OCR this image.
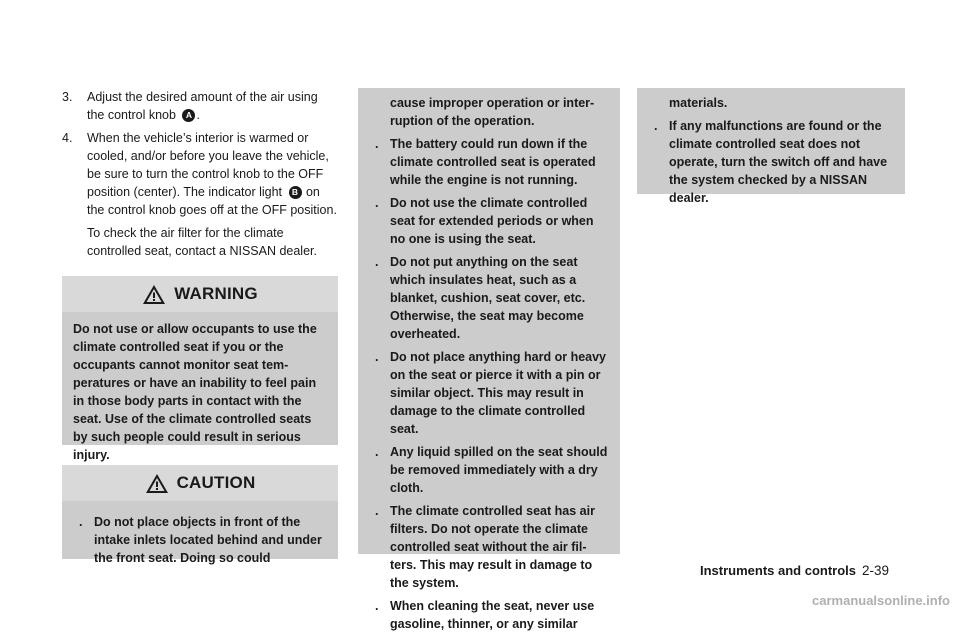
3. Adjust the desired amount of the air using the control knob A .
4. When the vehicle’s interior is warmed or cooled, and/or before you leave the vehicle, be sure to turn the control knob to the OFF position (center). The indicator light B on the control knob goes off at the OFF position.
To check the air filter for the climate controlled seat, contact a NISSAN dealer.
WARNING
Do not use or allow occupants to use the climate controlled seat if you or the occupants cannot monitor seat tem-peratures or have an inability to feel pain in those body parts in contact with the seat. Use of the climate controlled seats by such people could result in serious injury.
CAUTION
. Do not place objects in front of the intake inlets located behind and under the front seat. Doing so could
cause improper operation or inter-ruption of the operation.
. The battery could run down if the climate controlled seat is operated while the engine is not running.
. Do not use the climate controlled seat for extended periods or when no one is using the seat.
. Do not put anything on the seat which insulates heat, such as a blanket, cushion, seat cover, etc. Otherwise, the seat may become overheated.
. Do not place anything hard or heavy on the seat or pierce it with a pin or similar object. This may result in damage to the climate controlled seat.
. Any liquid spilled on the seat should be removed immediately with a dry cloth.
. The climate controlled seat has air filters. Do not operate the climate controlled seat without the air fil-ters. This may result in damage to the system.
. When cleaning the seat, never use gasoline, thinner, or any similar
materials.
. If any malfunctions are found or the climate controlled seat does not operate, turn the switch off and have the system checked by a NISSAN dealer.
Instruments and controls 2-39
carmanualsonline.info
